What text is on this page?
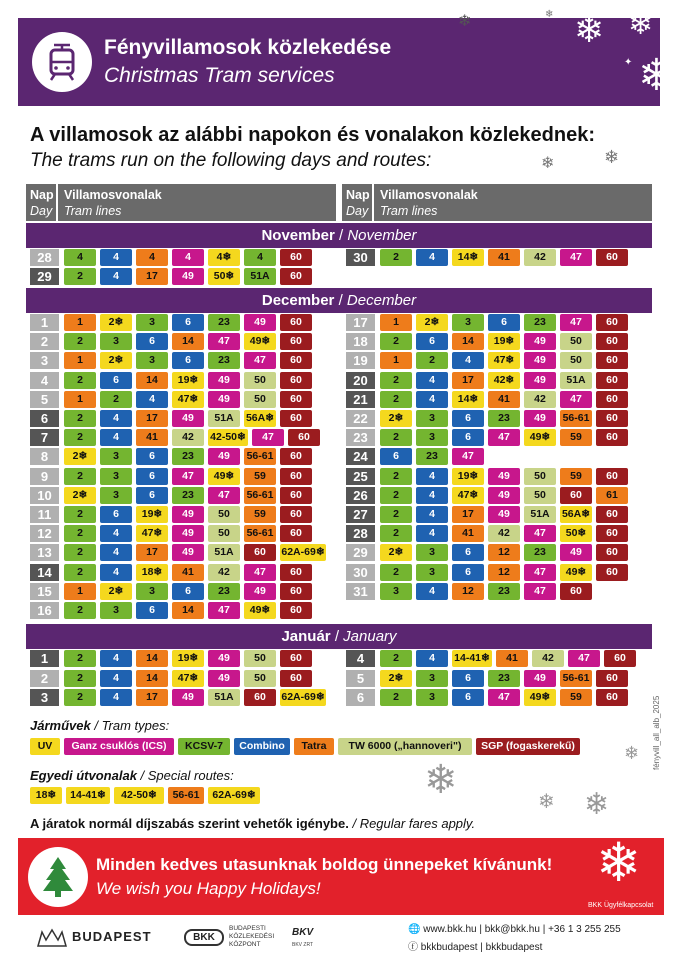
Fényvillamosok közlekedése
Christmas Tram services
❄ ❄
❄
✦
❄	❄
A villamosok az alábbi napokon és vonalakon közlekednek:
The trams run on the following days and routes:	❄
❄
Nap
Day
Villamosvonalak
Tram lines
Nap
Day
Villamosvonalak
Tram lines
November / November
December / December
Január / January
28	4	4	4	4	4❄	4	60
29	2	4	17	49	50❄	51A	60
30	2	4	14❄	41	42	47	60
1	1	2❄	3	6	23	49	60
2	2	3	6	14	47	49❄	60
3	1	2❄	3	6	23	47	60
4	2	6	14	19❄	49	50	60
5	1	2	4	47❄	49	50	60
6	2	4	17	49	51A	56A❄	60
7	2	4	41	42	42-50❄	47	60
8	2❄	3	6	23	49	56-61	60
9	2	3	6	47	49❄	59	60
10	2❄	3	6	23	47	56-61	60
11	2	6	19❄	49	50	59	60
12	2	4	47❄	49	50	56-61	60
13	2	4	17	49	51A	60	62A-69❄
14	2	4	18❄	41	42	47	60
15	1	2❄	3	6	23	49	60
16	2	3	6	14	47	49❄	60
17	1	2❄	3	6	23	47	60
18	2	6	14	19❄	49	50	60
19	1	2	4	47❄	49	50	60
20	2	4	17	42❄	49	51A	60
21	2	4	14❄	41	42	47	60
22	2❄	3	6	23	49	56-61	60
23	2	3	6	47	49❄	59	60
24	6	23	47
25	2	4	19❄	49	50	59	60
26	2	4	47❄	49	50	60	61
27	2	4	17	49	51A	56A❄	60
28	2	4	41	42	47	50❄	60
29	2❄	3	6	12	23	49	60
30	2	3	6	12	47	49❄	60
31	3	4	12	23	47	60
1	2	4	14	19❄	49	50	60
2	2	4	14	47❄	49	50	60
3	2	4	17	49	51A	60	62A-69❄
4	2	4	14-41❄	41	42	47	60
5	2❄	3	6	23	49	56-61	60
6	2	3	6	47	49❄	59	60
Járművek / Tram types:
UV	Ganz csuklós (ICS)	KCSV-7	Combino	Tatra	TW 6000 („hannoveri")	SGP (fogaskerekű)
Egyedi útvonalak / Special routes:
18❄	14-41❄	42-50❄	56-61	62A-69❄	❄	❄ ❄
❄
A járatok normál díjszabás szerint vehetők igénybe. / Regular fares apply.
fényvill_all_alb_2025
★ Minden kedves utasunknak boldog ünnepeket kívánunk!
We wish you Happy Holidays!	❄
BKK Ügyfélkapcsolat
BUDAPEST	BKK
BUDAPESTI
KÖZLEKEDÉSI
KÖZPONT
BKV
BKV ZRT
🌐 www.bkk.hu | bkk@bkk.hu | +36 1 3 255 255
ⓕ bkkbudapest | bkkbudapest
